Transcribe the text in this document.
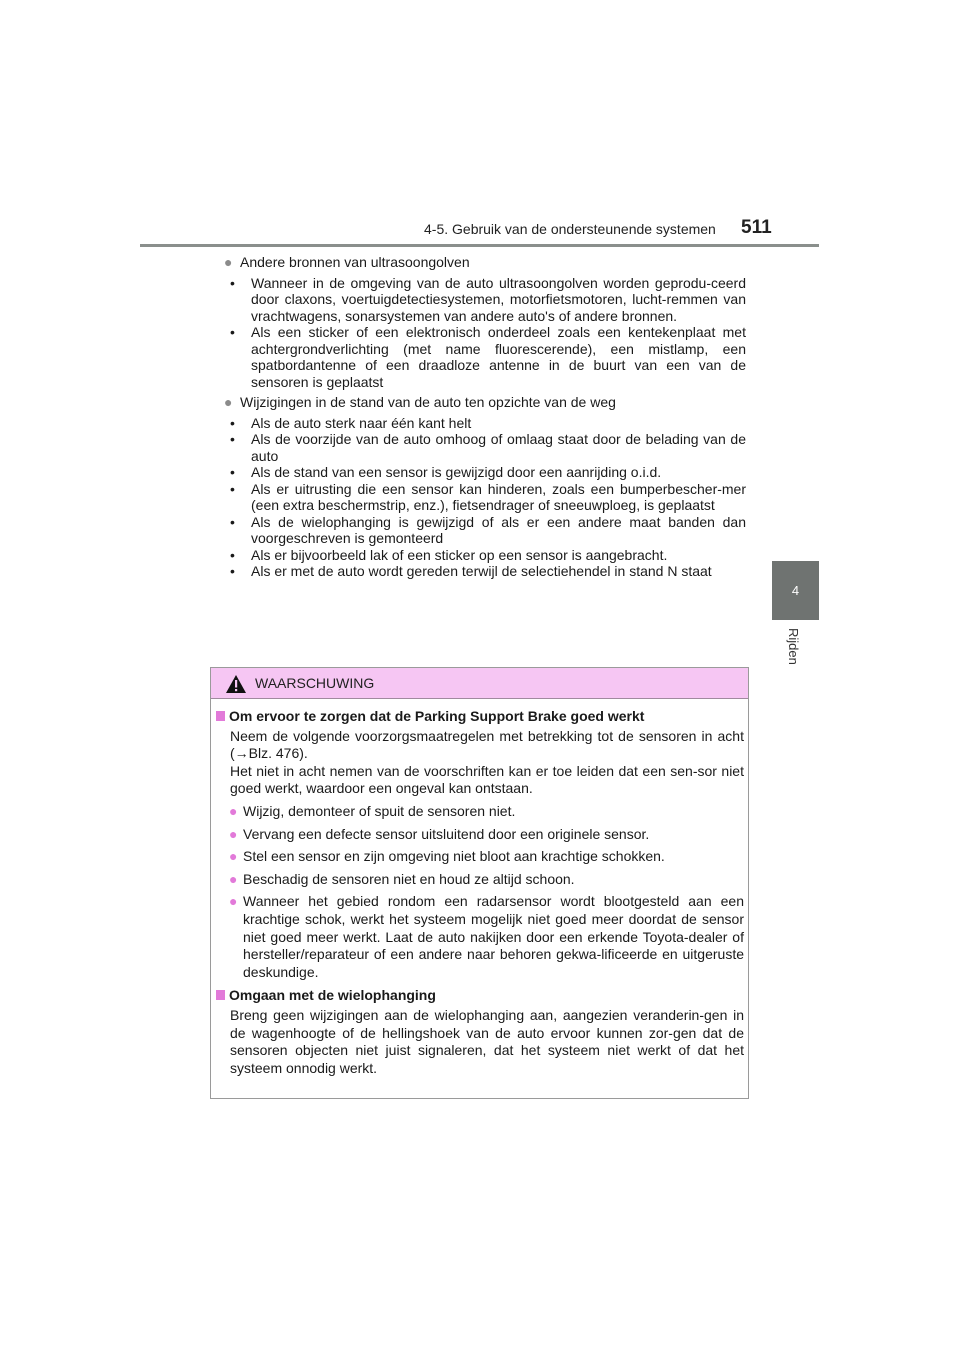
4-5. Gebruik van de ondersteunende systemen 511
4
Rijden
● Andere bronnen van ultrasoongolven
• Wanneer in de omgeving van de auto ultrasoongolven worden geprodu-ceerd door claxons, voertuigdetectiesystemen, motorfietsmotoren, lucht-remmen van vrachtwagens, sonarsystemen van andere auto's of andere bronnen.
• Als een sticker of een elektronisch onderdeel zoals een kentekenplaat met achtergrondverlichting (met name fluorescerende), een mistlamp, een spatbordantenne of een draadloze antenne in de buurt van een van de sensoren is geplaatst
● Wijzigingen in de stand van de auto ten opzichte van de weg
• Als de auto sterk naar één kant helt
• Als de voorzijde van de auto omhoog of omlaag staat door de belading van de auto
• Als de stand van een sensor is gewijzigd door een aanrijding o.i.d.
• Als er uitrusting die een sensor kan hinderen, zoals een bumperbescher-mer (een extra beschermstrip, enz.), fietsendrager of sneeuwploeg, is geplaatst
• Als de wielophanging is gewijzigd of als er een andere maat banden dan voorgeschreven is gemonteerd
• Als er bijvoorbeeld lak of een sticker op een sensor is aangebracht.
• Als er met de auto wordt gereden terwijl de selectiehendel in stand N staat
WAARSCHUWING
Om ervoor te zorgen dat de Parking Support Brake goed werkt

Neem de volgende voorzorgsmaatregelen met betrekking tot de sensoren in acht (→Blz. 476).

Het niet in acht nemen van de voorschriften kan er toe leiden dat een sen-sor niet goed werkt, waardoor een ongeval kan ontstaan.

● Wijzig, demonteer of spuit de sensoren niet.
● Vervang een defecte sensor uitsluitend door een originele sensor.
● Stel een sensor en zijn omgeving niet bloot aan krachtige schokken.
● Beschadig de sensoren niet en houd ze altijd schoon.
● Wanneer het gebied rondom een radarsensor wordt blootgesteld aan een krachtige schok, werkt het systeem mogelijk niet goed meer doordat de sensor niet goed meer werkt. Laat de auto nakijken door een erkende Toyota-dealer of hersteller/reparateur of een andere naar behoren gekwa-lificeerde en uitgeruste deskundige.
Omgaan met de wielophanging

Breng geen wijzigingen aan de wielophanging aan, aangezien veranderin-gen in de wagenhoogte of de hellingshoek van de auto ervoor kunnen zor-gen dat de sensoren objecten niet juist signaleren, dat het systeem niet werkt of dat het systeem onnodig werkt.
